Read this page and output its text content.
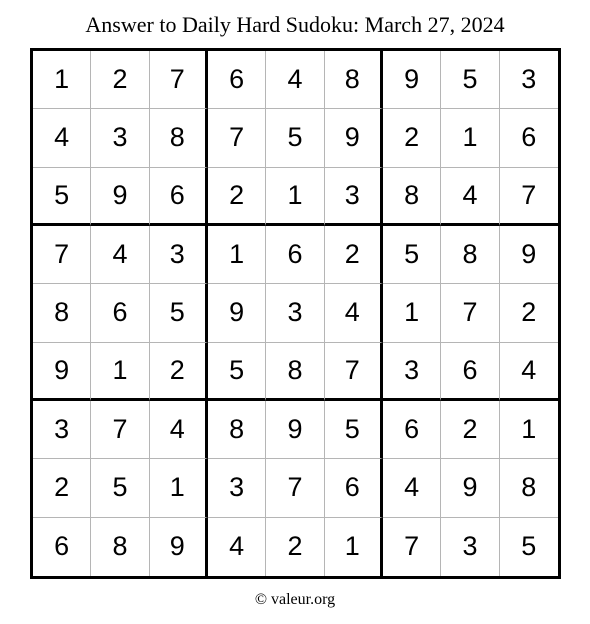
Answer to Daily Hard Sudoku: March 27, 2024
1	2	7	6	4	8	9	5	3
4	3	8	7	5	9	2	1	6
5	9	6	2	1	3	8	4	7
7	4	3	1	6	2	5	8	9
8	6	5	9	3	4	1	7	2
9	1	2	5	8	7	3	6	4
3	7	4	8	9	5	6	2	1
2	5	1	3	7	6	4	9	8
6	8	9	4	2	1	7	3	5
© valeur.org
